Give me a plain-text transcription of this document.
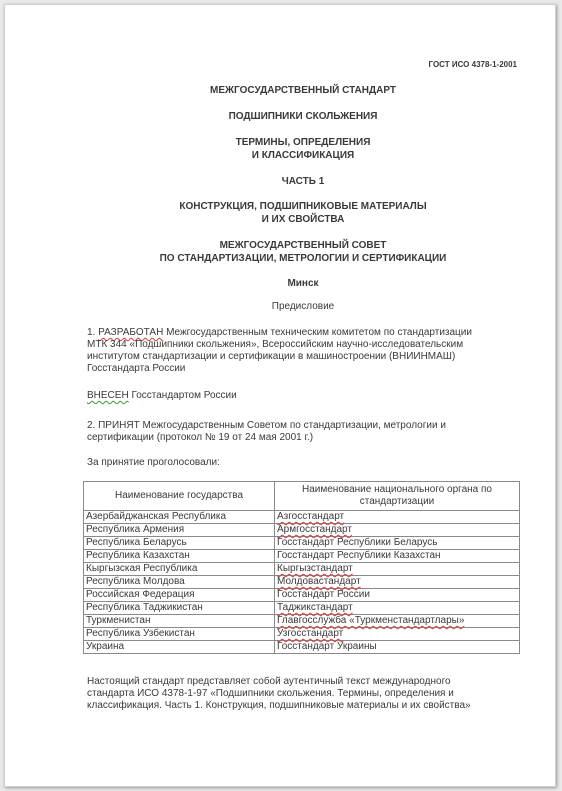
ГОСТ ИСО 4378-1-2001
МЕЖГОСУДАРСТВЕННЫЙ СТАНДАРТ
ПОДШИПНИКИ СКОЛЬЖЕНИЯ
ТЕРМИНЫ, ОПРЕДЕЛЕНИЯ
И КЛАССИФИКАЦИЯ
ЧАСТЬ 1
КОНСТРУКЦИЯ, ПОДШИПНИКОВЫЕ МАТЕРИАЛЫ
И ИХ СВОЙСТВА
МЕЖГОСУДАРСТВЕННЫЙ СОВЕТ
ПО СТАНДАРТИЗАЦИИ, МЕТРОЛОГИИ И СЕРТИФИКАЦИИ
Минск
Предисловие
1. РАЗРАБОТАН Межгосударственным техническим комитетом по стандартизации
МТК 344 «Подшипники скольжения», Всероссийским научно-исследовательским
институтом стандартизации и сертификации в машиностроении (ВНИИНМАШ)
Госстандарта России
ВНЕСЕН Госстандартом России
2. ПРИНЯТ Межгосударственным Советом по стандартизации, метрологии и
сертификации (протокол № 19 от 24 мая 2001 г.)
За принятие проголосовали:
Настоящий стандарт представляет собой аутентичный текст международного
стандарта ИСО 4378-1-97 «Подшипники скольжения. Термины, определения и
классификация. Часть 1. Конструкция, подшипниковые материалы и их свойства»
Наименование государства	Наименование национального органа по стандартизации
Азербайджанская Республика	Азгосстандарт
Республика Армения	Армгосстандарт
Республика Беларусь	Госстандарт Республики Беларусь
Республика Казахстан	Госстандарт Республики Казахстан
Кыргызская Республика	Кыргызстандарт
Республика Молдова	Молдовастандарт
Российская Федерация	Госстандарт России
Республика Таджикистан	Таджикстандарт
Туркменистан	Главгосслужба «Туркменстандартлары»
Республика Узбекистан	Узгосстандарт
Украина	Госстандарт Украины
